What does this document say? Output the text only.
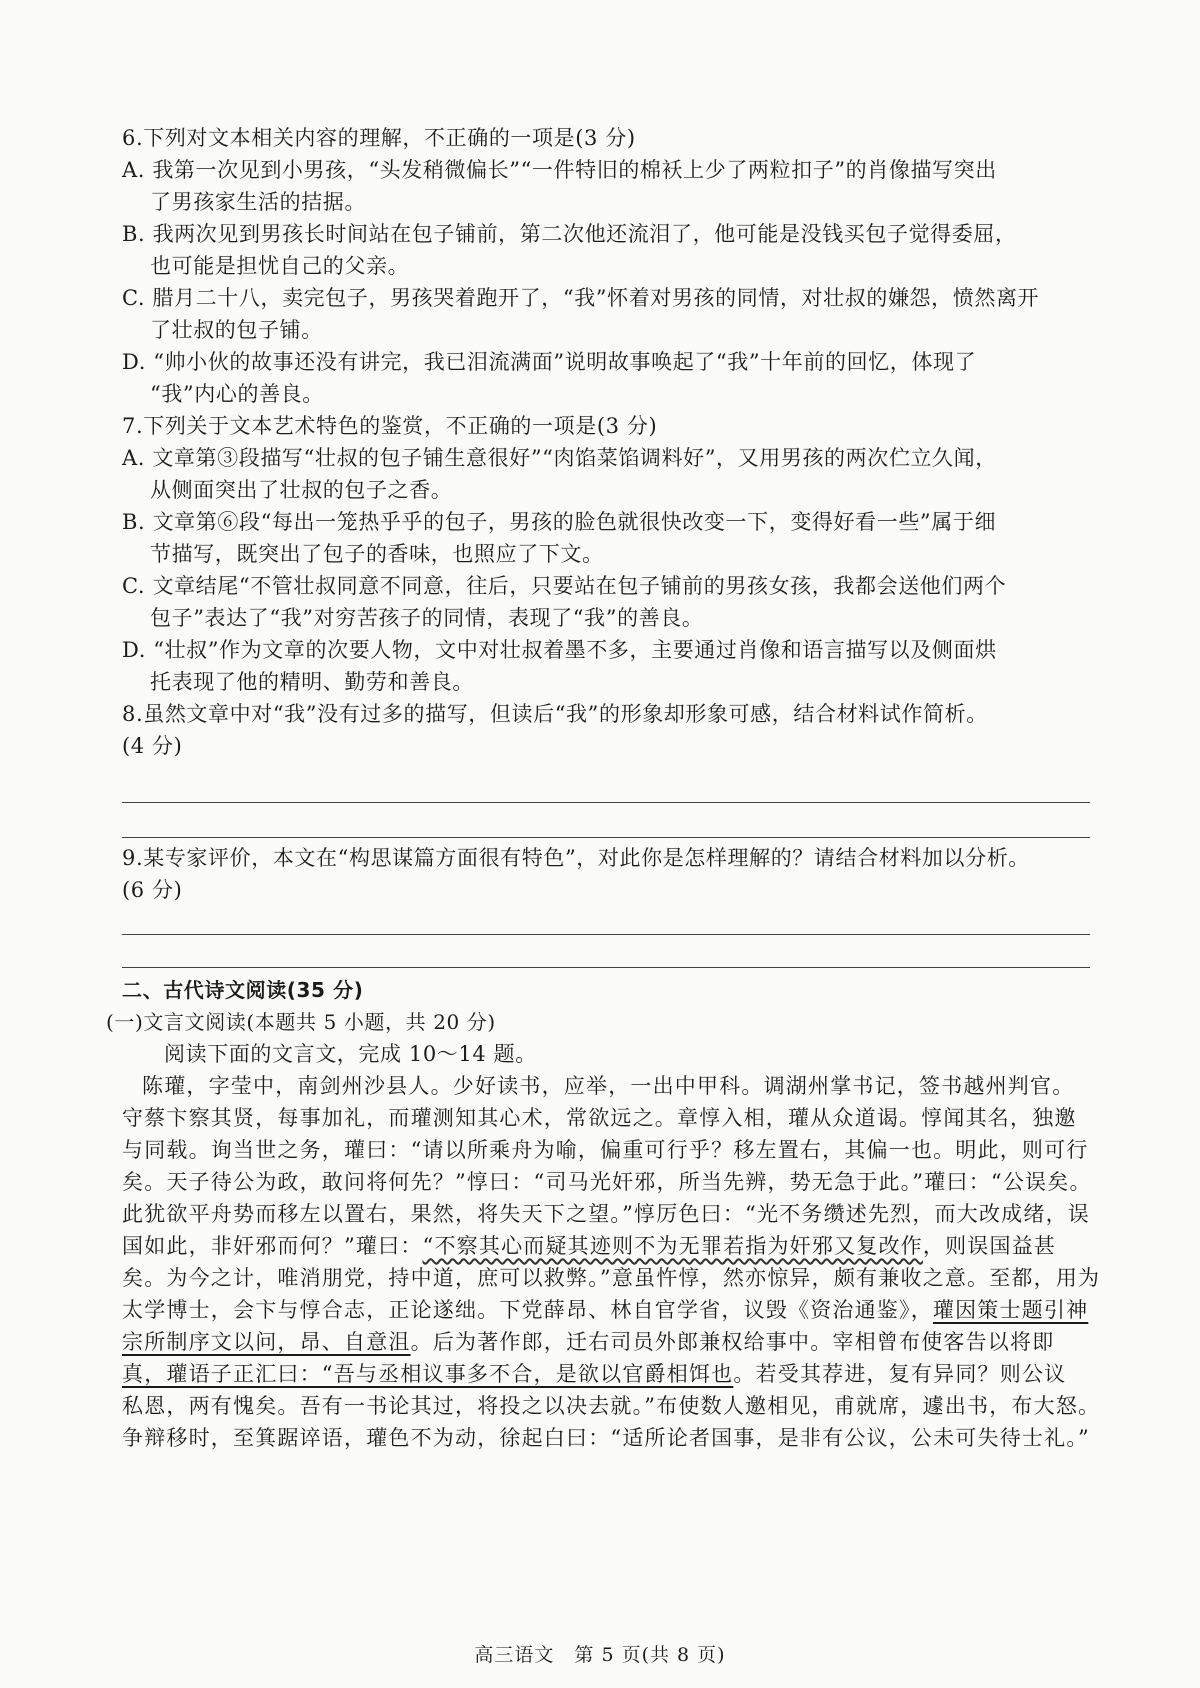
6.下列对文本相关内容的理解，不正确的一项是(3 分)

A. 我第一次见到小男孩，“头发稍微偏长”“一件特旧的棉袄上少了两粒扣子”的肖像描写突出

了男孩家生活的拮据。

B. 我两次见到男孩长时间站在包子铺前，第二次他还流泪了，他可能是没钱买包子觉得委屈，

也可能是担忧自己的父亲。

C. 腊月二十八，卖完包子，男孩哭着跑开了，“我”怀着对男孩的同情，对壮叔的嫌怨，愤然离开

了壮叔的包子铺。

D. “帅小伙的故事还没有讲完，我已泪流满面”说明故事唤起了“我”十年前的回忆，体现了

“我”内心的善良。

7.下列关于文本艺术特色的鉴赏，不正确的一项是(3 分)

A. 文章第③段描写“壮叔的包子铺生意很好”“肉馅菜馅调料好”，又用男孩的两次伫立久闻，

从侧面突出了壮叔的包子之香。

B. 文章第⑥段“每出一笼热乎乎的包子，男孩的脸色就很快改变一下，变得好看一些”属于细

节描写，既突出了包子的香味，也照应了下文。

C. 文章结尾“不管壮叔同意不同意，往后，只要站在包子铺前的男孩女孩，我都会送他们两个

包子”表达了“我”对穷苦孩子的同情，表现了“我”的善良。

D. “壮叔”作为文章的次要人物，文中对壮叔着墨不多，主要通过肖像和语言描写以及侧面烘

托表现了他的精明、勤劳和善良。

8.虽然文章中对“我”没有过多的描写，但读后“我”的形象却形象可感，结合材料试作简析。

(4 分)

9.某专家评价，本文在“构思谋篇方面很有特色”，对此你是怎样理解的？请结合材料加以分析。

(6 分)

二、古代诗文阅读(35 分)

(一)文言文阅读(本题共 5 小题，共 20 分)

阅读下面的文言文，完成 10～14 题。

陈瓘，字莹中，南剑州沙县人。少好读书，应举，一出中甲科。调湖州掌书记，签书越州判官。

守蔡卞察其贤，每事加礼，而瓘测知其心术，常欲远之。章惇入相，瓘从众道谒。惇闻其名，独邀

与同载。询当世之务，瓘曰：“请以所乘舟为喻，偏重可行乎？移左置右，其偏一也。明此，则可行

矣。天子待公为政，敢问将何先？”惇曰：“司马光奸邪，所当先辨，势无急于此。”瓘曰：“公误矣。

此犹欲平舟势而移左以置右，果然，将失天下之望。”惇厉色曰：“光不务缵述先烈，而大改成绪，误

国如此，非奸邪而何？”瓘曰：“不察其心而疑其迹则不为无罪若指为奸邪又复改作，则误国益甚

矣。为今之计，唯消朋党，持中道，庶可以救弊。”意虽忤惇，然亦惊异，颇有兼收之意。至都，用为

太学博士，会卞与惇合志，正论遂绌。下党薛昂、林自官学省，议毁《资治通鉴》，瓘因策士题引神

宗所制序文以问，昂、自意沮。后为著作郎，迁右司员外郎兼权给事中。宰相曾布使客告以将即

真，瓘语子正汇曰：“吾与丞相议事多不合，是欲以官爵相饵也。若受其荐进，复有异同？则公议

私恩，两有愧矣。吾有一书论其过，将投之以决去就。”布使数人邀相见，甫就席，遽出书，布大怒。

争辩移时，至箕踞谇语，瓘色不为动，徐起白曰：“适所论者国事，是非有公议，公未可失待士礼。”

高三语文　第 5 页(共 8 页)
